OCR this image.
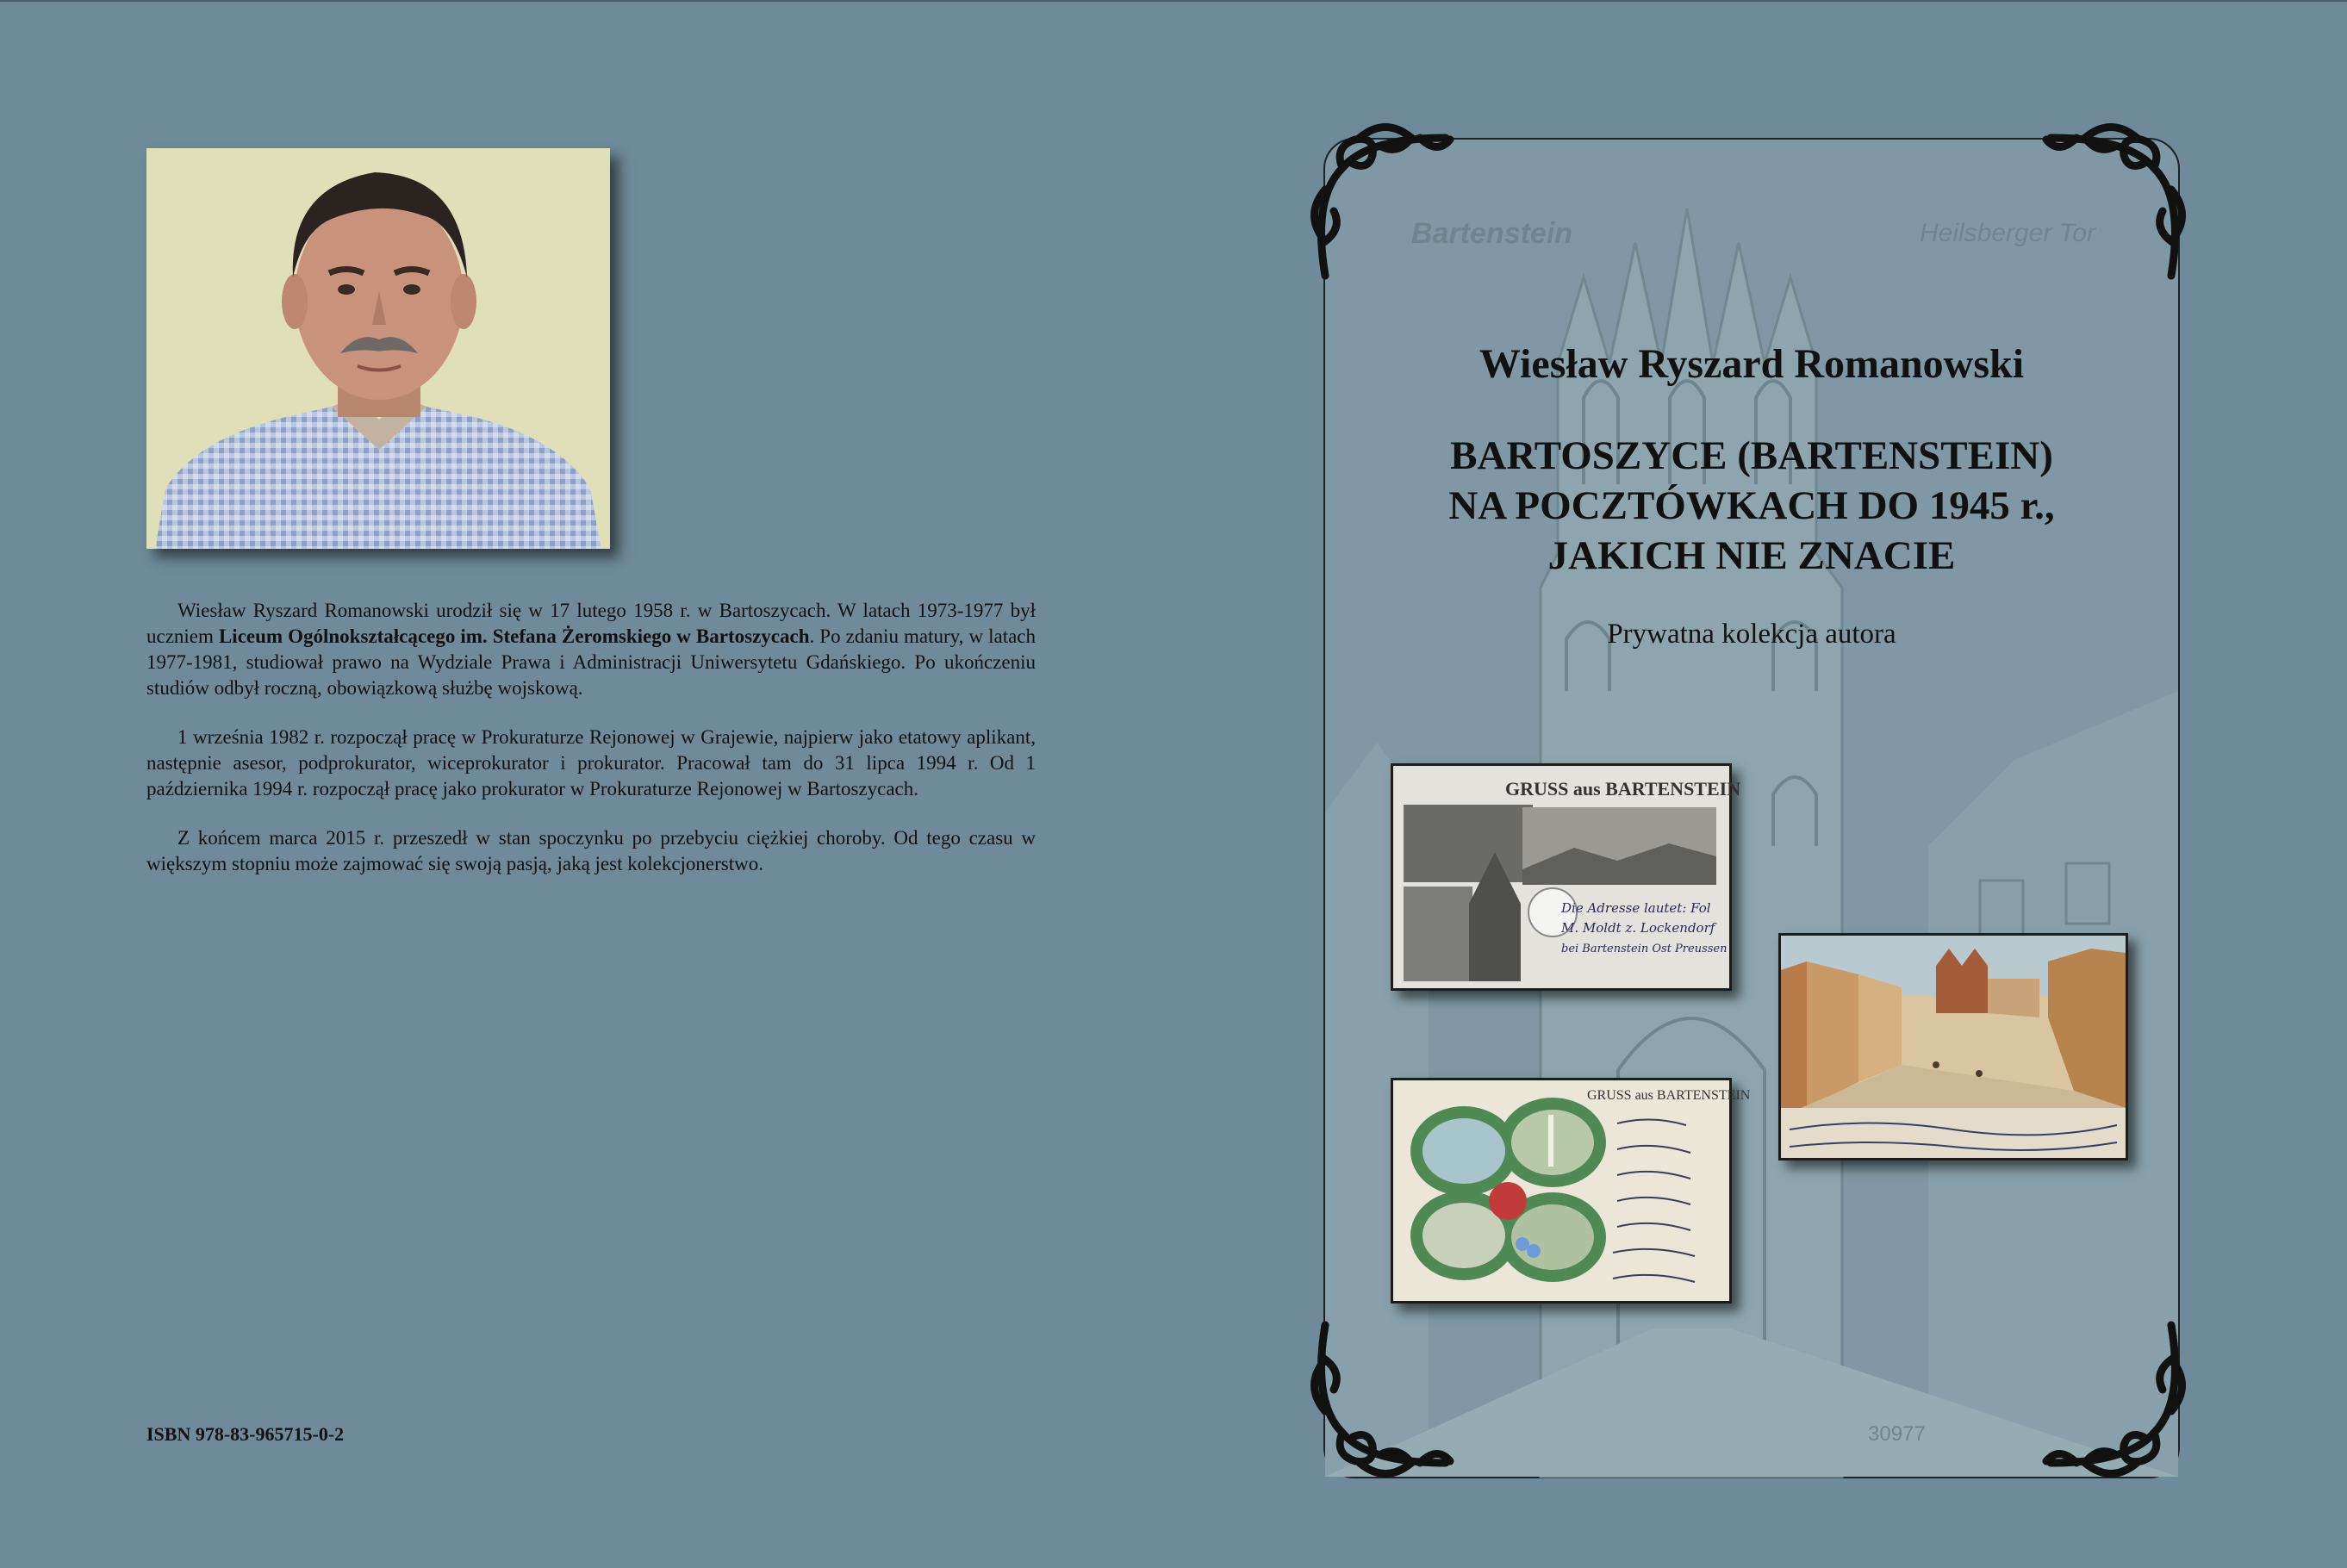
Wiesław Ryszard Romanowski urodził się w 17 lutego 1958 r. w Bartoszycach. W latach 1973-1977 był uczniem Liceum Ogólnokształcącego im. Stefana Żeromskiego w Bartoszycach. Po zdaniu matury, w latach 1977-1981, studiował prawo na Wydziale Prawa i Administracji Uniwersytetu Gdańskiego. Po ukończeniu studiów odbył roczną, obowiązkową służbę wojskową.

1 września 1982 r. rozpoczął pracę w Prokuraturze Rejonowej w Grajewie, najpierw jako etatowy aplikant, następnie asesor, podprokurator, wiceprokurator i prokurator. Pracował tam do 31 lipca 1994 r. Od 1 października 1994 r. rozpoczął pracę jako prokurator w Prokuraturze Rejonowej w Bartoszycach.

Z końcem marca 2015 r. przeszedł w stan spoczynku po przebyciu ciężkiej choroby. Od tego czasu w większym stopniu może zajmować się swoją pasją, jaką jest kolekcjonerstwo.

ISBN 978-83-965715-0-2
Bartenstein	Heilsberger Tor
30977
Wiesław Ryszard Romanowski
BARTOSZYCE (BARTENSTEIN)
NA POCZTÓWKACH DO 1945 r.,
JAKICH NIE ZNACIE
Prywatna kolekcja autora
GRUSS aus BARTENSTEIN
Die Adresse lautet: Fol
M. Moldt z. Lockendorf
bei Bartenstein Ost Preussen
GRUSS aus BARTENSTEIN
